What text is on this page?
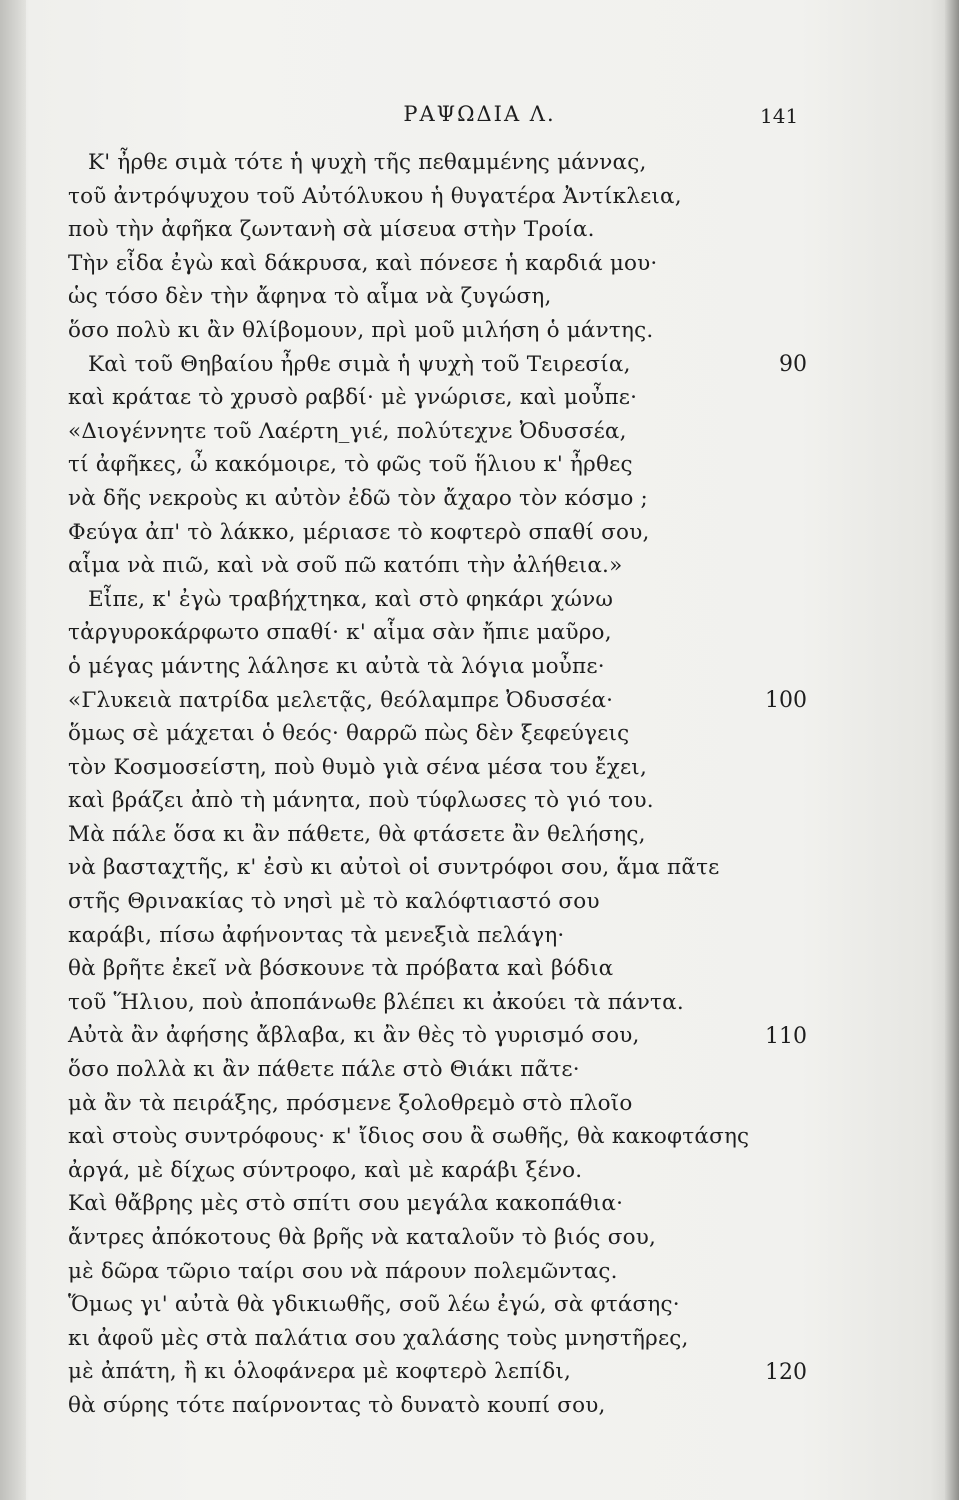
ΡΑΨΩΔΙΑ Λ.	141
Κ' ἦρθε σιμὰ τότε ἡ ψυχὴ τῆς πεθαμμένης μάννας,
τοῦ ἀντρόψυχου τοῦ Αὐτόλυκου ἡ θυγατέρα Ἀντίκλεια,
ποὺ τὴν ἀφῆκα ζωντανὴ σὰ μίσευα στὴν Τροία.
Τὴν εἶδα ἐγὼ καὶ δάκρυσα, καὶ πόνεσε ἡ καρδιά μου·
ὡς τόσο δὲν τὴν ἄφηνα τὸ αἷμα νὰ ζυγώση,
ὅσο πολὺ κι ἂν θλίβομουν, πρὶ μοῦ μιλήση ὁ μάντης.
Καὶ τοῦ Θηβαίου ἦρθε σιμὰ ἡ ψυχὴ τοῦ Τειρεσία,
καὶ κράταε τὸ χρυσὸ ραβδί· μὲ γνώρισε, καὶ μοὖπε·
«Διογέννητε τοῦ Λαέρτη_γιέ, πολύτεχνε Ὀδυσσέα,
τί ἀφῆκες, ὦ κακόμοιρε, τὸ φῶς τοῦ ἥλιου κ' ἦρθες
νὰ δῆς νεκροὺς κι αὐτὸν ἐδῶ τὸν ἄχαρο τὸν κόσμο ;
Φεύγα ἀπ' τὸ λάκκο, μέριασε τὸ κοφτερὸ σπαθί σου,
αἷμα νὰ πιῶ, καὶ νὰ σοῦ πῶ κατόπι τὴν ἀλήθεια.»
Εἶπε, κ' ἐγὼ τραβήχτηκα, καὶ στὸ φηκάρι χώνω
τἀργυροκάρφωτο σπαθί· κ' αἷμα σὰν ἤπιε μαῦρο,
ὁ μέγας μάντης λάλησε κι αὐτὰ τὰ λόγια μοὖπε·
«Γλυκειὰ πατρίδα μελετᾷς, θεόλαμπρε Ὀδυσσέα·
ὅμως σὲ μάχεται ὁ θεός· θαρρῶ πὼς δὲν ξεφεύγεις
τὸν Κοσμοσείστη, ποὺ θυμὸ γιὰ σένα μέσα του ἔχει,
καὶ βράζει ἀπὸ τὴ μάνητα, ποὺ τύφλωσες τὸ γιό του.
Μὰ πάλε ὅσα κι ἂν πάθετε, θὰ φτάσετε ἂν θελήσης,
νὰ βασταχτῆς, κ' ἐσὺ κι αὐτοὶ οἱ συντρόφοι σου, ἅμα πᾶτε
στῆς Θρινακίας τὸ νησὶ μὲ τὸ καλόφτιαστό σου
καράβι, πίσω ἀφήνοντας τὰ μενεξιὰ πελάγη·
θὰ βρῆτε ἐκεῖ νὰ βόσκουνε τὰ πρόβατα καὶ βόδια
τοῦ Ἥλιου, ποὺ ἀποπάνωθε βλέπει κι ἀκούει τὰ πάντα.
Αὐτὰ ἂν ἀφήσης ἄβλαβα, κι ἂν θὲς τὸ γυρισμό σου,
ὅσο πολλὰ κι ἂν πάθετε πάλε στὸ Θιάκι πᾶτε·
μὰ ἂν τὰ πειράξης, πρόσμενε ξολοθρεμὸ στὸ πλοῖο
καὶ στοὺς συντρόφους· κ' ἴδιος σου ἂ σωθῆς, θὰ κακοφτάσης
ἀργά, μὲ δίχως σύντροφο, καὶ μὲ καράβι ξένο.
Καὶ θἄβρης μὲς στὸ σπίτι σου μεγάλα κακοπάθια·
ἄντρες ἀπόκοτους θὰ βρῆς νὰ καταλοῦν τὸ βιός σου,
μὲ δῶρα τῶριο ταίρι σου νὰ πάρουν πολεμῶντας.
Ὅμως γι' αὐτὰ θὰ γδικιωθῆς, σοῦ λέω ἐγώ, σὰ φτάσης·
κι ἀφοῦ μὲς στὰ παλάτια σου χαλάσης τοὺς μνηστῆρες,
μὲ ἀπάτη, ἢ κι ὁλοφάνερα μὲ κοφτερὸ λεπίδι,
θὰ σύρης τότε παίρνοντας τὸ δυνατὸ κουπί σου,
90
100
110
120
